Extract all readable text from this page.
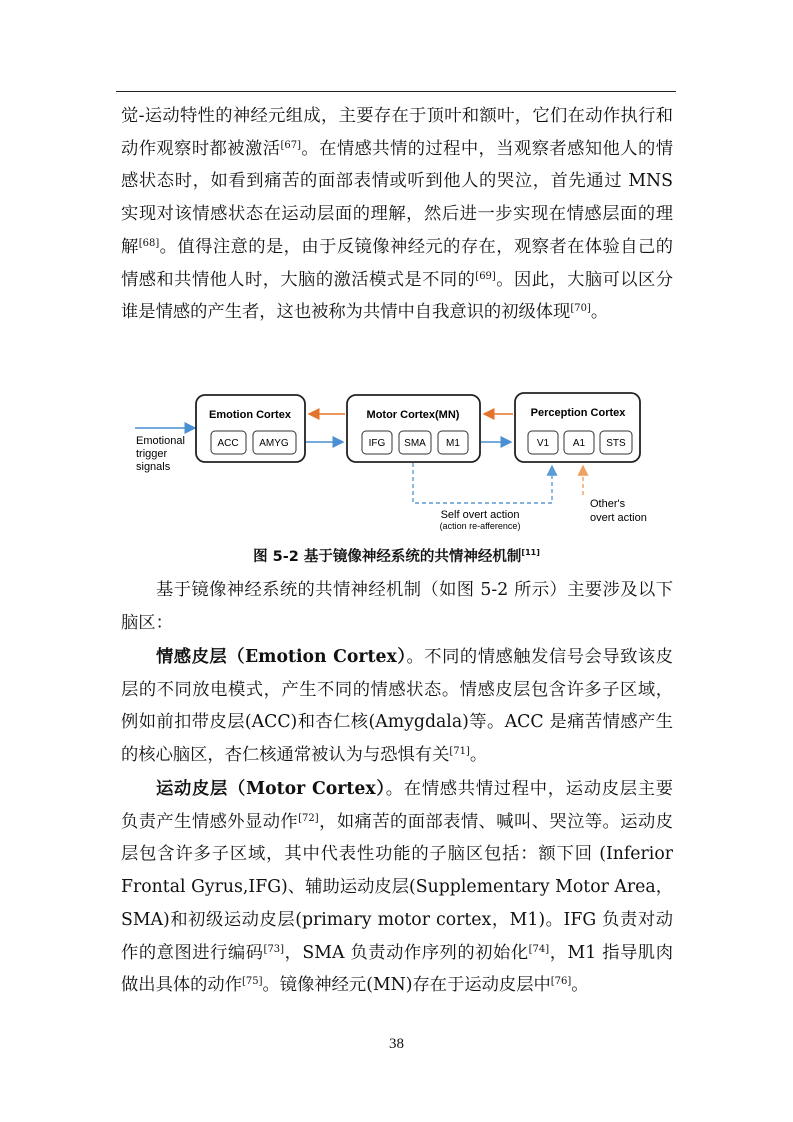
觉-运动特性的神经元组成，主要存在于顶叶和额叶，它们在动作执行和动作观察时都被激活[67]。在情感共情的过程中，当观察者感知他人的情感状态时，如看到痛苦的面部表情或听到他人的哭泣，首先通过 MNS 实现对该情感状态在运动层面的理解，然后进一步实现在情感层面的理解[68]。值得注意的是，由于反镜像神经元的存在，观察者在体验自己的情感和共情他人时，大脑的激活模式是不同的[69]。因此，大脑可以区分谁是情感的产生者，这也被称为共情中自我意识的初级体现[70]。

Emotional
trigger
signals
Emotion Cortex
ACC AMYG
Motor Cortex(MN)
IFG SMA M1
Perception Cortex
V1 A1 STS
Self overt action
(action re-afference)
Other's
overt action
图 5-2 基于镜像神经系统的共情神经机制[11]

基于镜像神经系统的共情神经机制（如图 5-2 所示）主要涉及以下脑区：

情感皮层（Emotion Cortex）。不同的情感触发信号会导致该皮层的不同放电模式，产生不同的情感状态。情感皮层包含许多子区域，例如前扣带皮层(ACC)和杏仁核(Amygdala)等。ACC 是痛苦情感产生的核心脑区，杏仁核通常被认为与恐惧有关[71]。

运动皮层（Motor Cortex）。在情感共情过程中，运动皮层主要负责产生情感外显动作[72]，如痛苦的面部表情、喊叫、哭泣等。运动皮层包含许多子区域，其中代表性功能的子脑区包括：额下回 (Inferior Frontal Gyrus,IFG)、辅助运动皮层(Supplementary Motor Area，SMA)和初级运动皮层(primary motor cortex，M1)。IFG 负责对动作的意图进行编码[73]，SMA 负责动作序列的初始化[74]，M1 指导肌肉做出具体的动作[75]。镜像神经元(MN)存在于运动皮层中[76]。

38
